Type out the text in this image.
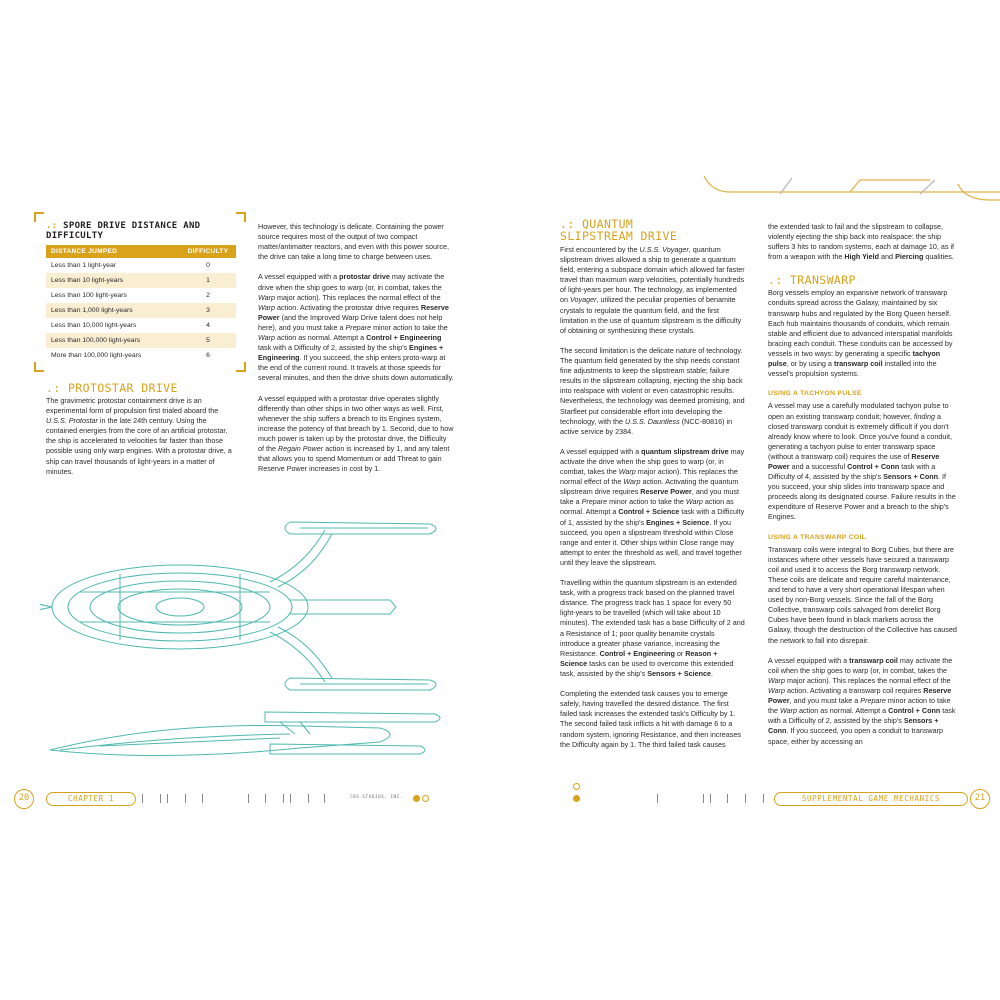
.: SPORE DRIVE DISTANCE AND DIFFICULTY
DISTANCE JUMPED	DIFFICULTY
Less than 1 light-year	0
Less than 10 light-years	1
Less than 100 light-years	2
Less than 1,000 light-years	3
Less than 10,000 light-years	4
Less than 100,000 light-years	5
More than 100,000 light-years	6
.: PROTOSTAR DRIVE
The gravimetric protostar containment drive is an experimental form of propulsion first trialed aboard the U.S.S. Protostar in the late 24th century. Using the contained energies from the core of an artificial protostar, the ship is accelerated to velocities far faster than those possible using only warp engines. With a protostar drive, a ship can travel thousands of light-years in a matter of minutes.

However, this technology is delicate. Containing the power source requires most of the output of two compact matter/antimatter reactors, and even with this power source, the drive can take a long time to charge between uses.

A vessel equipped with a protostar drive may activate the drive when the ship goes to warp (or, in combat, takes the Warp major action). This replaces the normal effect of the Warp action. Activating the protostar drive requires Reserve Power (and the Improved Warp Drive talent does not help here), and you must take a Prepare minor action to take the Warp action as normal. Attempt a Control + Engineering task with a Difficulty of 2, assisted by the ship's Engines + Engineering. If you succeed, the ship enters proto-warp at the end of the current round. It travels at those speeds for several minutes, and then the drive shuts down automatically.

A vessel equipped with a protostar drive operates slightly differently than other ships in two other ways as well. First, whenever the ship suffers a breach to its Engines system, increase the potency of that breach by 1. Second, due to how much power is taken up by the protostar drive, the Difficulty of the Regain Power action is increased by 1, and any talent that allows you to spend Momentum or add Threat to gain Reserve Power increases in cost by 1.

20	CHAPTER 1	CBS STUDIOS, INC.
.: QUANTUM
SLIPSTREAM DRIVE

First encountered by the U.S.S. Voyager, quantum slipstream drives allowed a ship to generate a quantum field, entering a subspace domain which allowed far faster travel than maximum warp velocities, potentially hundreds of light-years per hour. The technology, as implemented on Voyager, utilized the peculiar properties of benamite crystals to regulate the quantum field, and the first limitation in the use of quantum slipstream is the difficulty of obtaining or synthesizing these crystals.

The second limitation is the delicate nature of technology. The quantum field generated by the ship needs constant fine adjustments to keep the slipstream stable; failure results in the slipstream collapsing, ejecting the ship back into realspace with violent or even catastrophic results. Nevertheless, the technology was deemed promising, and Starfleet put considerable effort into developing the technology, with the U.S.S. Dauntless (NCC-80816) in active service by 2384.

A vessel equipped with a quantum slipstream drive may activate the drive when the ship goes to warp (or, in combat, takes the Warp major action). This replaces the normal effect of the Warp action. Activating the quantum slipstream drive requires Reserve Power, and you must take a Prepare minor action to take the Warp action as normal. Attempt a Control + Science task with a Difficulty of 1, assisted by the ship's Engines + Science. If you succeed, you open a slipstream threshold within Close range and enter it. Other ships within Close range may attempt to enter the threshold as well, and travel together until they leave the slipstream.

Travelling within the quantum slipstream is an extended task, with a progress track based on the planned travel distance. The progress track has 1 space for every 50 light-years to be travelled (which will take about 10 minutes). The extended task has a base Difficulty of 2 and a Resistance of 1; poor quality benamite crystals introduce a greater phase variance, increasing the Resistance. Control + Engineering or Reason + Science tasks can be used to overcome this extended task, assisted by the ship's Sensors + Science.

Completing the extended task causes you to emerge safely, having travelled the desired distance. The first failed task increases the extended task's Difficulty by 1. The second failed task inflicts a hit with damage 6 to a random system, ignoring Resistance, and then increases the Difficulty again by 1. The third failed task causes

the extended task to fail and the slipstream to collapse, violently ejecting the ship back into realspace: the ship suffers 3 hits to random systems, each at damage 10, as if from a weapon with the High Yield and Piercing qualities.

.: TRANSWARP

Borg vessels employ an expansive network of transwarp conduits spread across the Galaxy, maintained by six transwarp hubs and regulated by the Borg Queen herself. Each hub maintains thousands of conduits, which remain stable and efficient due to advanced interspatial manifolds bracing each conduit. These conduits can be accessed by vessels in two ways: by generating a specific tachyon pulse, or by using a transwarp coil installed into the vessel's propulsion systems.

USING A TACHYON PULSE

A vessel may use a carefully modulated tachyon pulse to open an existing transwarp conduit; however, finding a closed transwarp conduit is extremely difficult if you don't already know where to look. Once you've found a conduit, generating a tachyon pulse to enter transwarp space (without a transwarp coil) requires the use of Reserve Power and a successful Control + Conn task with a Difficulty of 4, assisted by the ship's Sensors + Conn. If you succeed, your ship slides into transwarp space and proceeds along its designated course. Failure results in the expenditure of Reserve Power and a breach to the ship's Engines.

USING A TRANSWARP COIL

Transwarp coils were integral to Borg Cubes, but there are instances where other vessels have secured a transwarp coil and used it to access the Borg transwarp network. These coils are delicate and require careful maintenance, and tend to have a very short operational lifespan when used by non-Borg vessels. Since the fall of the Borg Collective, transwarp coils salvaged from derelict Borg Cubes have been found in black markets across the Galaxy, though the destruction of the Collective has caused the network to fall into disrepair.

A vessel equipped with a transwarp coil may activate the coil when the ship goes to warp (or, in combat, takes the Warp major action). This replaces the normal effect of the Warp action. Activating a transwarp coil requires Reserve Power, and you must take a Prepare minor action to take the Warp action as normal. Attempt a Control + Conn task with a Difficulty of 2, assisted by the ship's Sensors + Conn. If you succeed, you open a conduit to transwarp space, either by accessing an

SUPPLEMENTAL GAME MECHANICS	21
